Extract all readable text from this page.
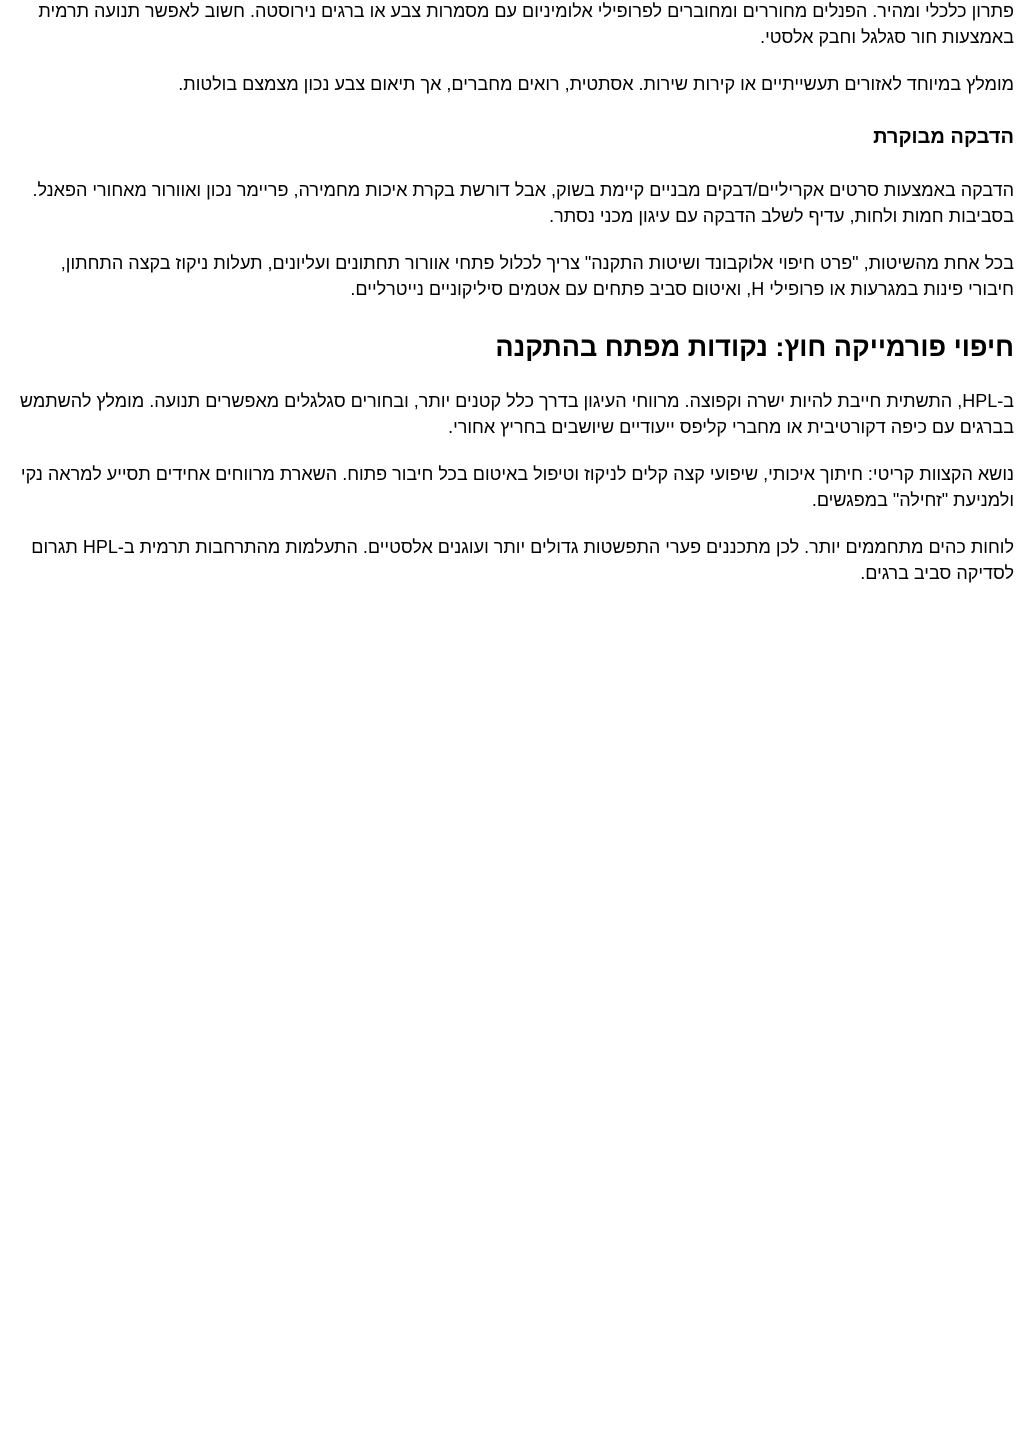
פתרון כלכלי ומהיר. הפנלים מחוררים ומחוברים לפרופילי אלומיניום עם מסמרות צבע או ברגים נירוסטה. חשוב לאפשר תנועה תרמית באמצעות חור סגלגל וחבק אלסטי.

מומלץ במיוחד לאזורים תעשייתיים או קירות שירות. אסתטית, רואים מחברים, אך תיאום צבע נכון מצמצם בולטות.

הדבקה מבוקרת

הדבקה באמצעות סרטים אקריליים/דבקים מבניים קיימת בשוק, אבל דורשת בקרת איכות מחמירה, פריימר נכון ואוורור מאחורי הפאנל. בסביבות חמות ולחות, עדיף לשלב הדבקה עם עיגון מכני נסתר.

בכל אחת מהשיטות, "פרט חיפוי אלוקבונד ושיטות התקנה" צריך לכלול פתחי אוורור תחתונים ועליונים, תעלות ניקוז בקצה התחתון, חיבורי פינות במגרעות או פרופילי H, ואיטום סביב פתחים עם אטמים סיליקוניים נייטרליים.

חיפוי פורמייקה חוץ: נקודות מפתח בהתקנה

ב-HPL, התשתית חייבת להיות ישרה וקפוצה. מרווחי העיגון בדרך כלל קטנים יותר, ובחורים סגלגלים מאפשרים תנועה. מומלץ להשתמש בברגים עם כיפה דקורטיבית או מחברי קליפס ייעודיים שיושבים בחריץ אחורי.

נושא הקצוות קריטי: חיתוך איכותי, שיפועי קצה קלים לניקוז וטיפול באיטום בכל חיבור פתוח. השארת מרווחים אחידים תסייע למראה נקי ולמניעת "זחילה" במפגשים.

לוחות כהים מתחממים יותר. לכן מתכננים פערי התפשטות גדולים יותר ועוגנים אלסטיים. התעלמות מהתרחבות תרמית ב-HPL תגרום לסדיקה סביב ברגים.
